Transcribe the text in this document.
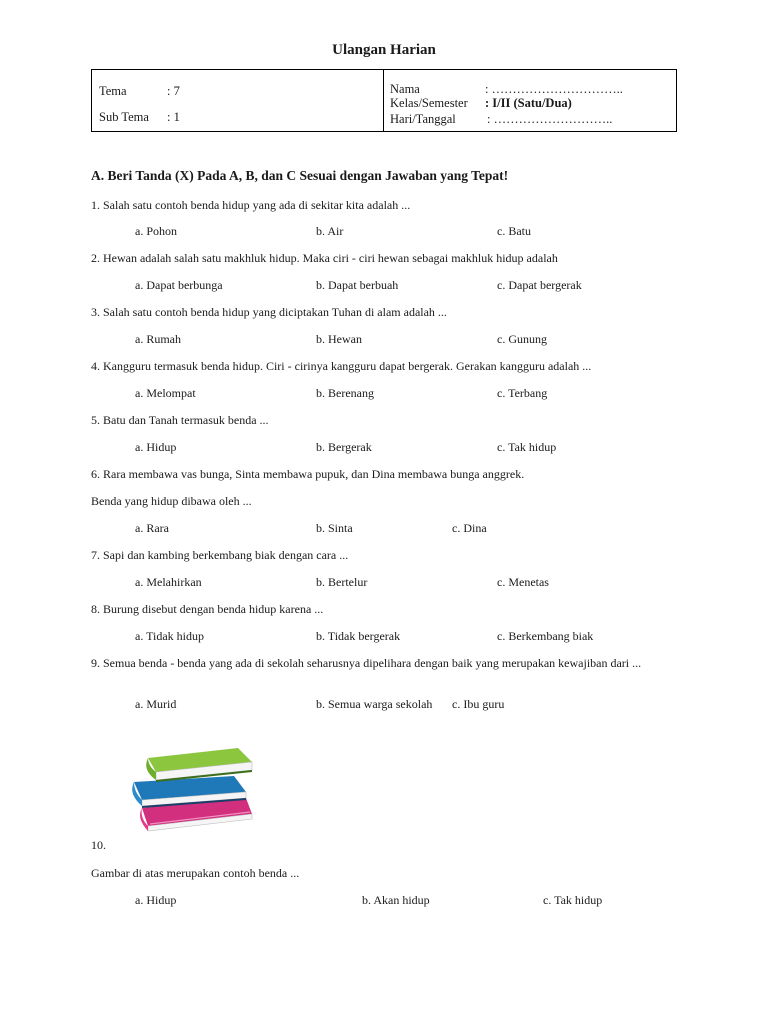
Ulangan Harian
Tema	: 7
Sub Tema : 1
Nama	: …………………………..
Kelas/Semester : I/II (Satu/Dua)
Hari/Tanggal : ………………………..
A. Beri Tanda (X) Pada A, B, dan C Sesuai dengan Jawaban yang Tepat!
1. Salah satu contoh benda hidup yang ada di sekitar kita adalah ...
a. Pohon	b. Air	c. Batu
2. Hewan adalah salah satu makhluk hidup. Maka ciri - ciri hewan sebagai makhluk hidup adalah
a. Dapat berbunga	b. Dapat berbuah	c. Dapat bergerak
3. Salah satu contoh benda hidup yang diciptakan Tuhan di alam adalah ...
a. Rumah	b. Hewan	c. Gunung
4. Kangguru termasuk benda hidup. Ciri - cirinya kangguru dapat bergerak. Gerakan kangguru adalah ...
a. Melompat	b. Berenang	c. Terbang
5. Batu dan Tanah termasuk benda ...
a. Hidup	b. Bergerak	c. Tak hidup
6. Rara membawa vas bunga, Sinta membawa pupuk, dan Dina membawa bunga anggrek.
Benda yang hidup dibawa oleh ...
a. Rara	b. Sinta	c. Dina
7. Sapi dan kambing berkembang biak dengan cara ...
a. Melahirkan	b. Bertelur	c. Menetas
8. Burung disebut dengan benda hidup karena ...
a. Tidak hidup	b. Tidak bergerak	c. Berkembang biak
9. Semua benda - benda yang ada di sekolah seharusnya dipelihara dengan baik yang merupakan kewajiban dari ...
a. Murid	b. Semua warga sekolah c. Ibu guru
10.
Gambar di atas merupakan contoh benda ...
a. Hidup	b. Akan hidup	c. Tak hidup
